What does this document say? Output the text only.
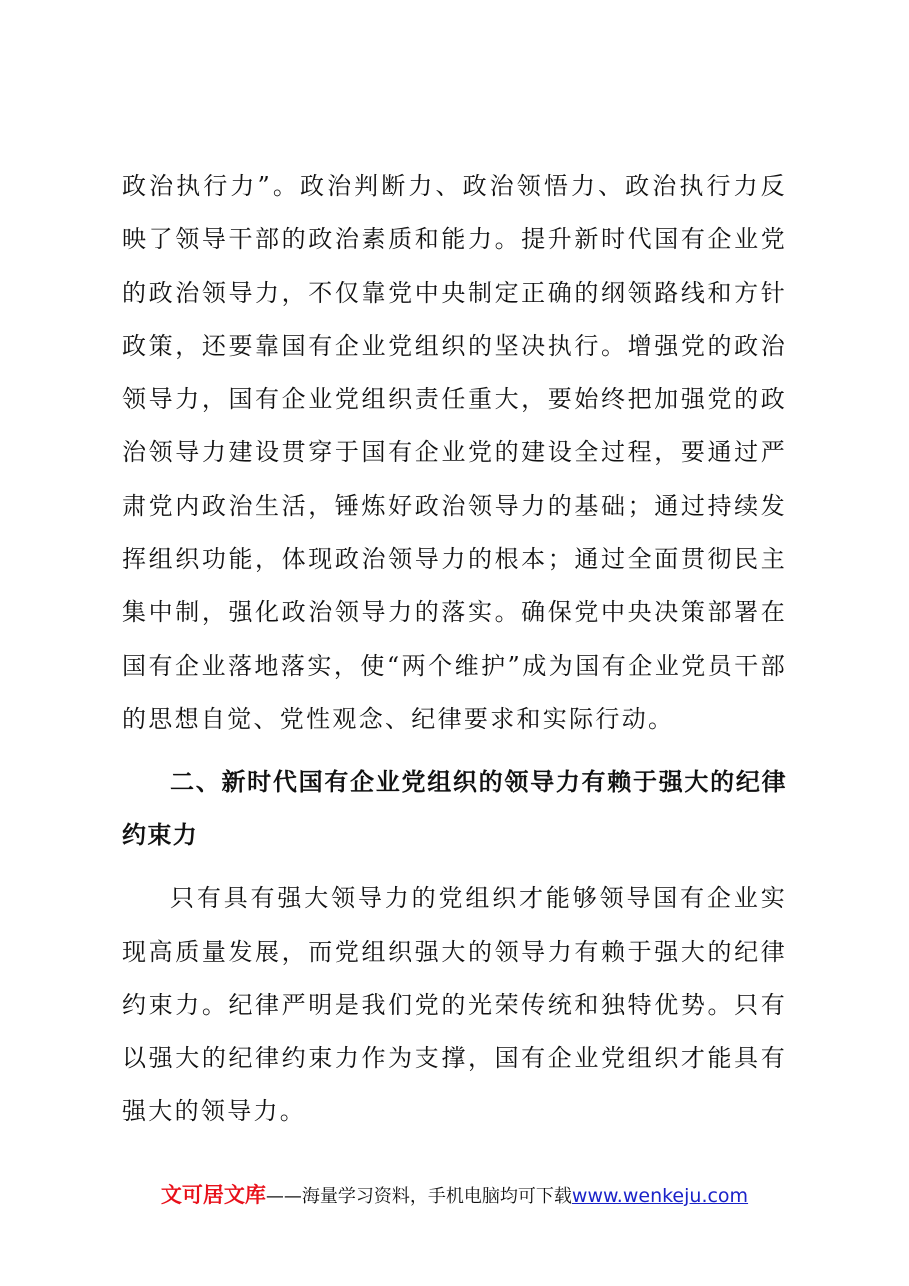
政治执行力”。政治判断力、政治领悟力、政治执行力反映了领导干部的政治素质和能力。提升新时代国有企业党的政治领导力，不仅靠党中央制定正确的纲领路线和方针政策，还要靠国有企业党组织的坚决执行。增强党的政治领导力，国有企业党组织责任重大，要始终把加强党的政治领导力建设贯穿于国有企业党的建设全过程，要通过严肃党内政治生活，锤炼好政治领导力的基础；通过持续发挥组织功能，体现政治领导力的根本；通过全面贯彻民主集中制，强化政治领导力的落实。确保党中央决策部署在国有企业落地落实，使“两个维护”成为国有企业党员干部的思想自觉、党性观念、纪律要求和实际行动。

二、新时代国有企业党组织的领导力有赖于强大的纪律约束力

只有具有强大领导力的党组织才能够领导国有企业实现高质量发展，而党组织强大的领导力有赖于强大的纪律约束力。纪律严明是我们党的光荣传统和独特优势。只有以强大的纪律约束力作为支撑，国有企业党组织才能具有强大的领导力。

文可居文库——海量学习资料，手机电脑均可下载www.wenkeju.com
